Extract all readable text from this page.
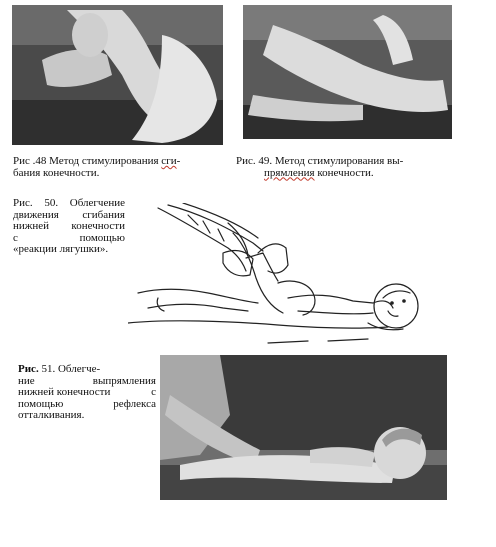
Рис .48 Метод стимулирования сги-

бания конечности.

Рис. 49. Метод стимулирования вы-

прямления конечности.

Рис. 50. Облегчение

движения сгибания

нижней конечности

с	помощью

«реакции лягушки».

Рис. 51. Облегче-

ние	выпрямления

нижней конечности	с

помощью	рефлекса

отталкивания.
